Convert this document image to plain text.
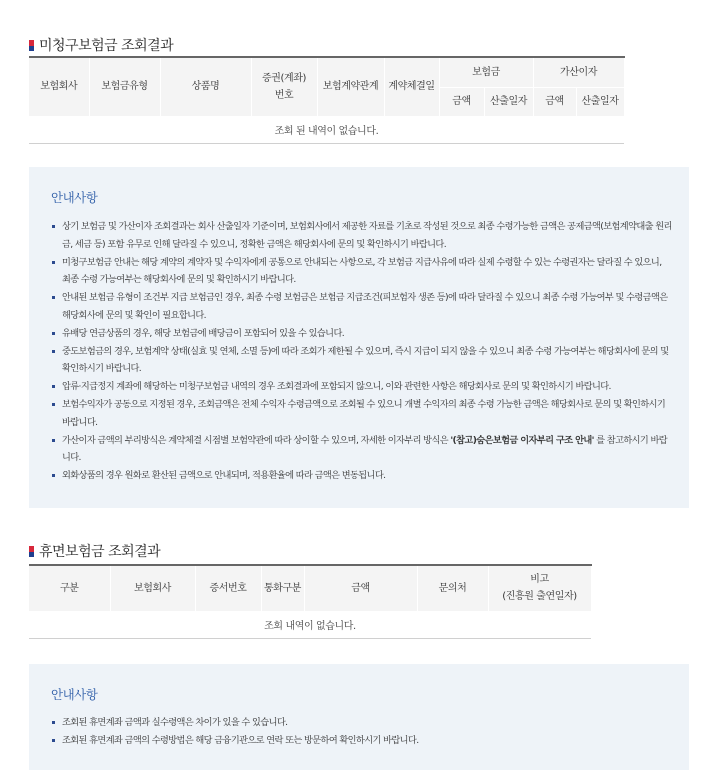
미청구보험금 조회결과
보험회사	보험금유형	상품명	증권(계좌)번호	보험계약관계	계약체결일	보험금		가산이자	
						금액	산출일자	금액	산출일자
조회 된 내역이 없습니다.									
안내사항
상기 보험금 및 가산이자 조회결과는 회사 산출일자 기준이며, 보험회사에서 제공한 자료를 기초로 작성된 것으로 최종 수령가능한 금액은 공제금액(보험계약대출 원리금, 세금 등) 포함 유무로 인해 달라질 수 있으니, 정확한 금액은 해당회사에 문의 및 확인하시기 바랍니다.
미청구보험금 안내는 해당 계약의 계약자 및 수익자에게 공통으로 안내되는 사항으로, 각 보험금 지급사유에 따라 실제 수령할 수 있는 수령권자는 달라질 수 있으니, 최종 수령 가능여부는 해당회사에 문의 및 확인하시기 바랍니다.
안내된 보험금 유형이 조건부 지급 보험금인 경우, 최종 수령 보험금은 보험금 지급조건(피보험자 생존 등)에 따라 달라질 수 있으니 최종 수령 가능여부 및 수령금액은 해당회사에 문의 및 확인이 필요합니다.
유배당 연금상품의 경우, 해당 보험금에 배당금이 포함되어 있을 수 있습니다.
중도보험금의 경우, 보험계약 상태(실효 및 연체, 소멸 등)에 따라 조회가 제한될 수 있으며, 즉시 지급이 되지 않을 수 있으니 최종 수령 가능여부는 해당회사에 문의 및 확인하시기 바랍니다.
압류·지급정지 계좌에 해당하는 미청구보험금 내역의 경우 조회결과에 포함되지 않으니, 이와 관련한 사항은 해당회사로 문의 및 확인하시기 바랍니다.
보험수익자가 공동으로 지정된 경우, 조회금액은 전체 수익자 수령금액으로 조회될 수 있으니 개별 수익자의 최종 수령 가능한 금액은 해당회사로 문의 및 확인하시기 바랍니다.
가산이자 금액의 부리방식은 계약체결 시점별 보험약관에 따라 상이할 수 있으며, 자세한 이자부리 방식은 '(참고)숨은보험금 이자부리 구조 안내' 를 참고하시기 바랍니다.
외화상품의 경우 원화로 환산된 금액으로 안내되며, 적용환율에 따라 금액은 변동됩니다.
휴면보험금 조회결과
구분	보험회사	증서번호	통화구분	금액	문의처	비고
(진흥원 출연일자)
조회 내역이 없습니다.
안내사항
조회된 휴면계좌 금액과 실수령액은 차이가 있을 수 있습니다.
조회된 휴면계좌 금액의 수령방법은 해당 금융기관으로 연락 또는 방문하여 확인하시기 바랍니다.
